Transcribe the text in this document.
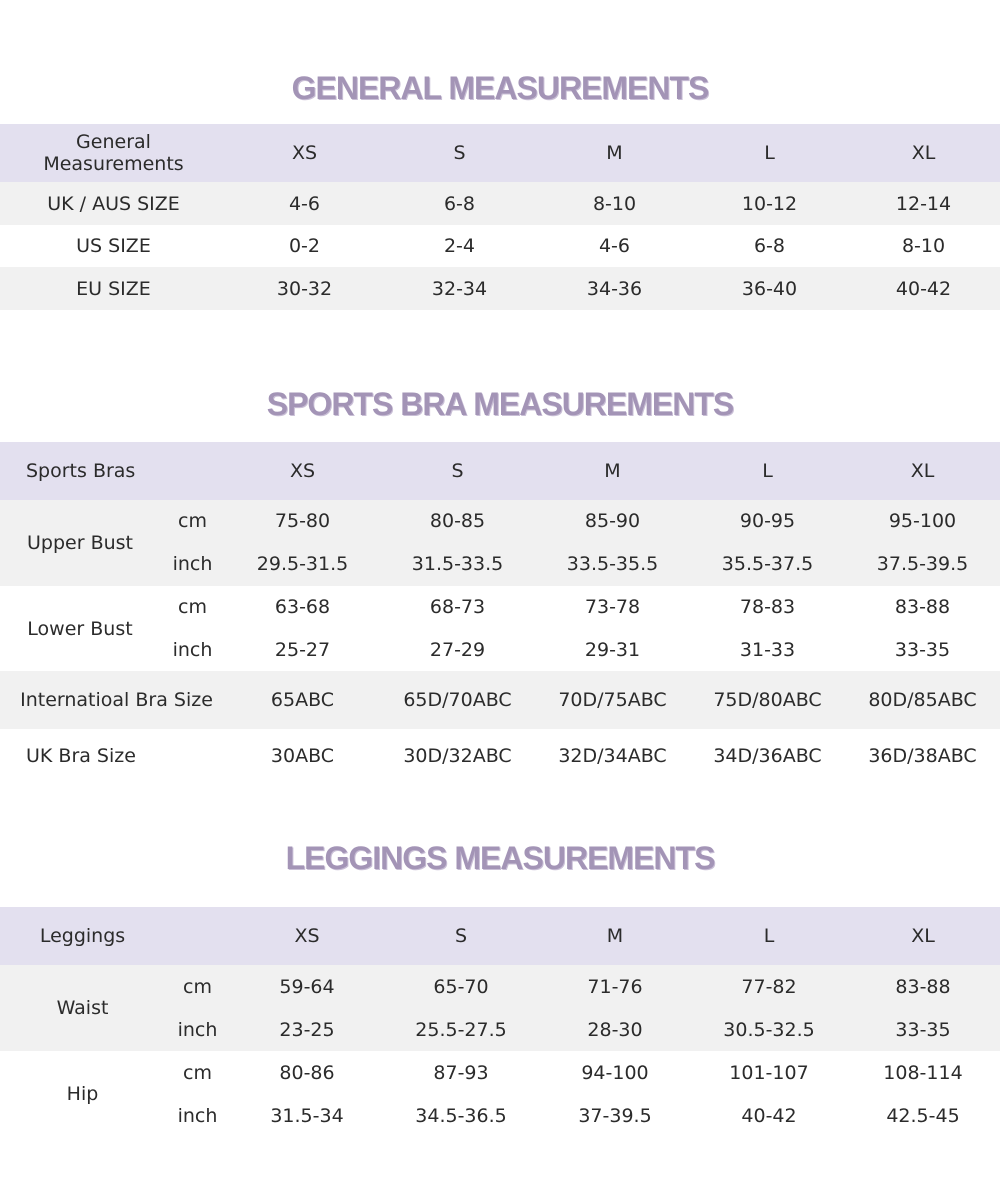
GENERAL MEASUREMENTS
General
Measurements	XS	S	M	L	XL
UK / AUS SIZE	4-6	6-8	8-10	10-12	12-14
US SIZE	0-2	2-4	4-6	6-8	8-10
EU SIZE	30-32	32-34	34-36	36-40	40-42
SPORTS BRA MEASUREMENTS
Sports Bras		XS	S	M	L	XL
Upper Bust	cm	75-80	80-85	85-90	90-95	95-100
	inch	29.5-31.5	31.5-33.5	33.5-35.5	35.5-37.5	37.5-39.5
Lower Bust	cm	63-68	68-73	73-78	78-83	83-88
	inch	25-27	27-29	29-31	31-33	33-35
Internatioal Bra Size		65ABC	65D/70ABC	70D/75ABC	75D/80ABC	80D/85ABC
UK Bra Size		30ABC	30D/32ABC	32D/34ABC	34D/36ABC	36D/38ABC
LEGGINGS MEASUREMENTS
Leggings		XS	S	M	L	XL
Waist	cm	59-64	65-70	71-76	77-82	83-88
	inch	23-25	25.5-27.5	28-30	30.5-32.5	33-35
Hip	cm	80-86	87-93	94-100	101-107	108-114
	inch	31.5-34	34.5-36.5	37-39.5	40-42	42.5-45
